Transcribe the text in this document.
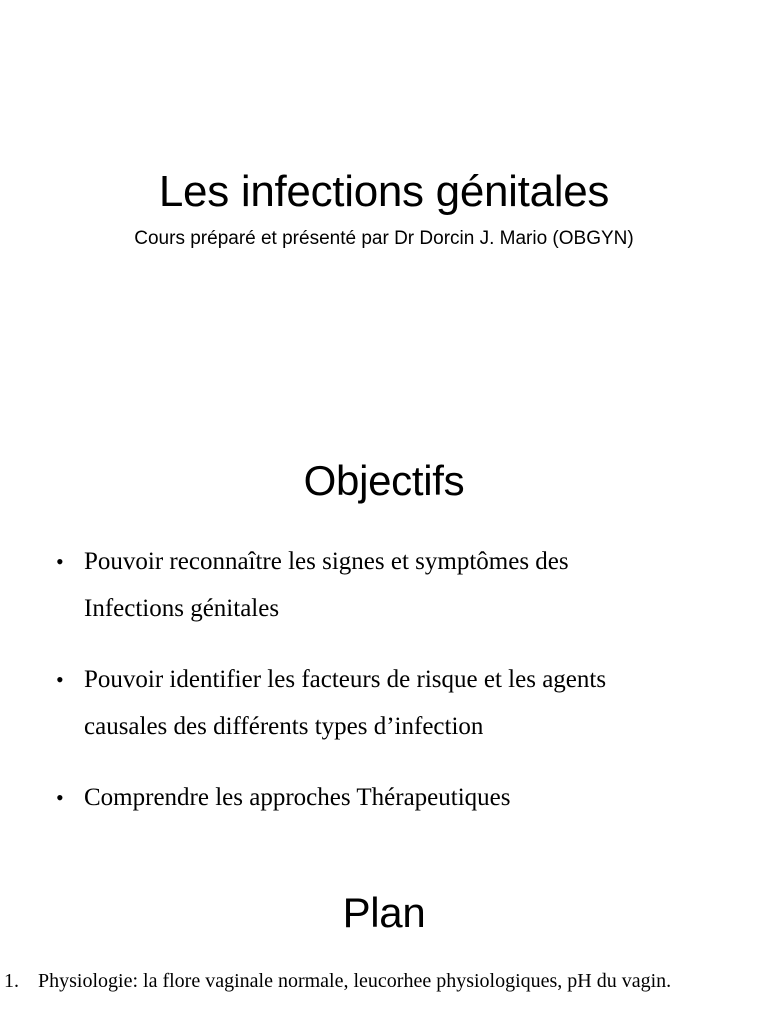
Les infections génitales

Cours préparé et présenté par Dr Dorcin J. Mario (OBGYN)

Objectifs
• Pouvoir reconnaître les signes et symptômes des
Infections génitales
• Pouvoir identifier les facteurs de risque et les agents
causales des différents types d’infection
• Comprendre les approches Thérapeutiques
Plan
1. Physiologie: la flore vaginale normale, leucorhee physiologiques, pH du vagin.
